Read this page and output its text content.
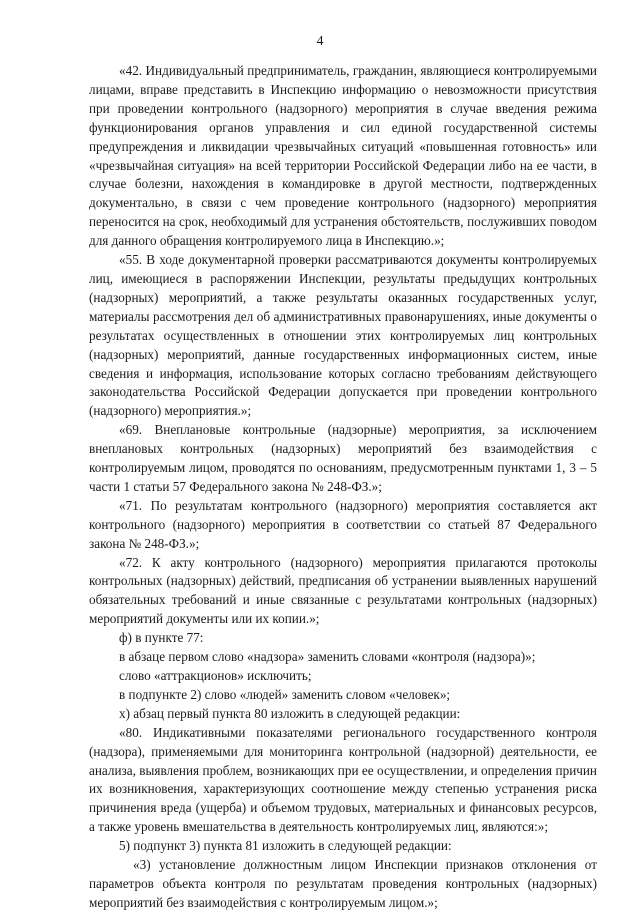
4

«42. Индивидуальный предприниматель, гражданин, являющиеся контролируемыми лицами, вправе представить в Инспекцию информацию о невозможности присутствия при проведении контрольного (надзорного) мероприятия в случае введения режима функционирования органов управления и сил единой государственной системы предупреждения и ликвидации чрезвычайных ситуаций «повышенная готовность» или «чрезвычайная ситуация» на всей территории Российской Федерации либо на ее части, в случае болезни, нахождения в командировке в другой местности, подтвержденных документально, в связи с чем проведение контрольного (надзорного) мероприятия переносится на срок, необходимый для устранения обстоятельств, послуживших поводом для данного обращения контролируемого лица в Инспекцию.»;

«55. В ходе документарной проверки рассматриваются документы контролируемых лиц, имеющиеся в распоряжении Инспекции, результаты предыдущих контрольных (надзорных) мероприятий, а также результаты оказанных государственных услуг, материалы рассмотрения дел об административных правонарушениях, иные документы о результатах осуществленных в отношении этих контролируемых лиц контрольных (надзорных) мероприятий, данные государственных информационных систем, иные сведения и информация, использование которых согласно требованиям действующего законодательства Российской Федерации допускается при проведении контрольного (надзорного) мероприятия.»;

«69. Внеплановые контрольные (надзорные) мероприятия, за исключением внеплановых контрольных (надзорных) мероприятий без взаимодействия с контролируемым лицом, проводятся по основаниям, предусмотренным пунктами 1, 3 – 5 части 1 статьи 57 Федерального закона № 248-ФЗ.»;

«71. По результатам контрольного (надзорного) мероприятия составляется акт контрольного (надзорного) мероприятия в соответствии со статьей 87 Федерального закона № 248-ФЗ.»;

«72. К акту контрольного (надзорного) мероприятия прилагаются протоколы контрольных (надзорных) действий, предписания об устранении выявленных нарушений обязательных требований и иные связанные с результатами контрольных (надзорных) мероприятий документы или их копии.»;

ф) в пункте 77:

в абзаце первом слово «надзора» заменить словами «контроля (надзора)»;

слово «аттракционов» исключить;

в подпункте 2) слово «людей» заменить словом «человек»;

х) абзац первый пункта 80 изложить в следующей редакции:

«80. Индикативными показателями регионального государственного контроля (надзора), применяемыми для мониторинга контрольной (надзорной) деятельности, ее анализа, выявления проблем, возникающих при ее осуществлении, и определения причин их возникновения, характеризующих соотношение между степенью устранения риска причинения вреда (ущерба) и объемом трудовых, материальных и финансовых ресурсов, а также уровень вмешательства в деятельность контролируемых лиц, являются:»;

5) подпункт 3) пункта 81 изложить в следующей редакции:

«3) установление должностным лицом Инспекции признаков отклонения от параметров объекта контроля по результатам проведения контрольных (надзорных) мероприятий без взаимодействия с контролируемым лицом.»;
